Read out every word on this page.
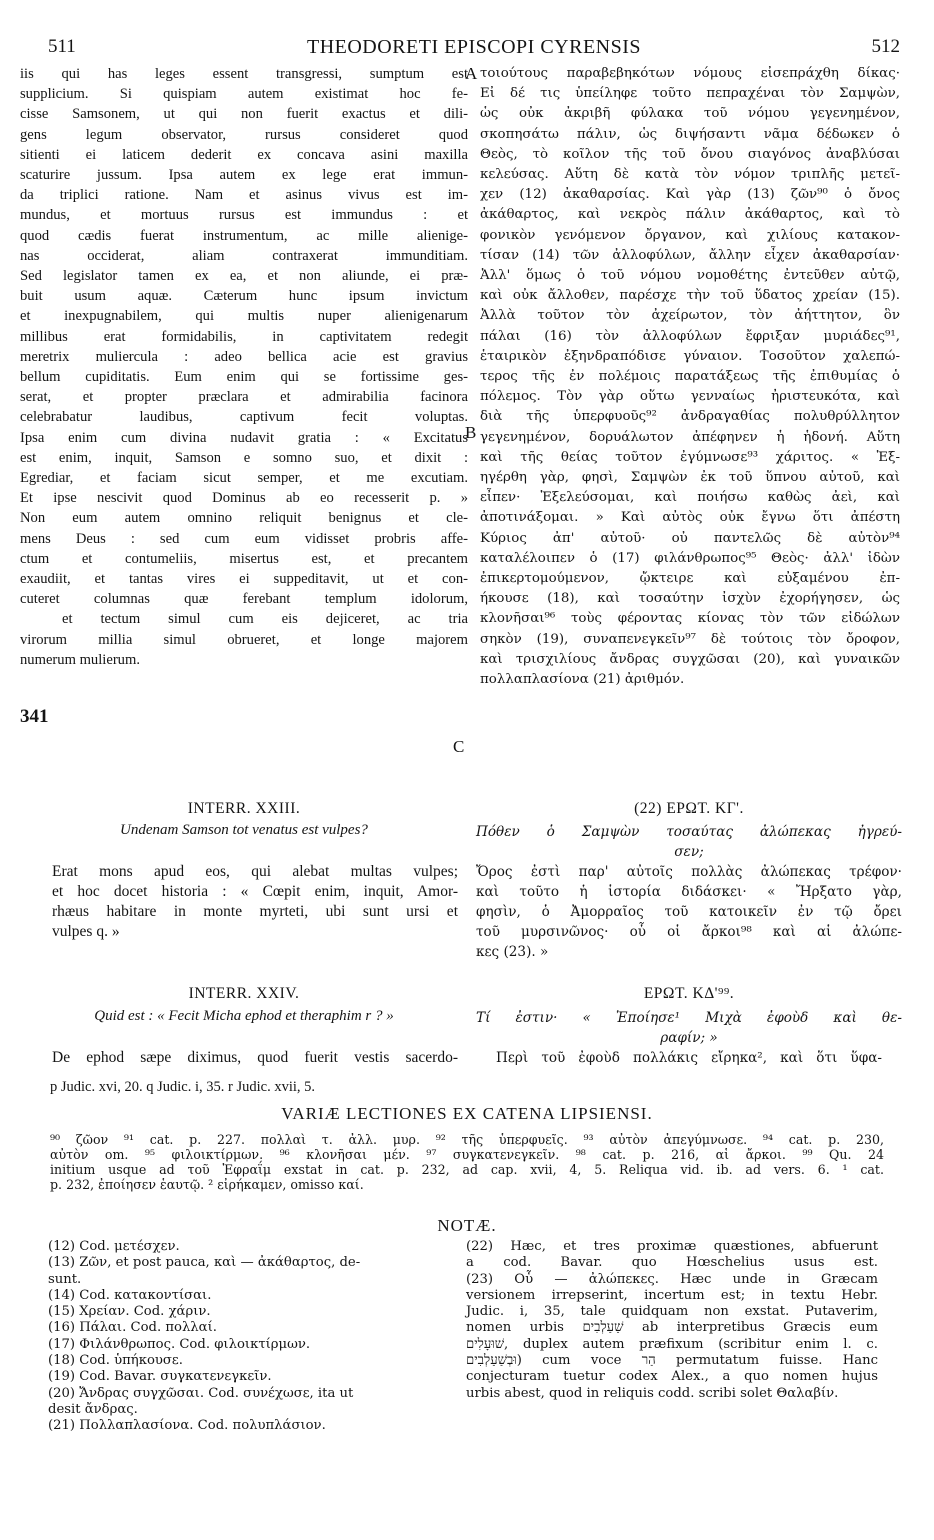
511	THEODORETI EPISCOPI CYRENSIS	512
iis qui has leges essent transgressi, sumptum est
supplicium. Si quispiam autem existimat hoc fe-
cisse Samsonem, ut qui non fuerit exactus et dili-
gens legum observator, rursus consideret quod
sitienti ei laticem dederit ex concava asini maxilla
scaturire jussum. Ipsa autem ex lege erat immun-
da triplici ratione. Nam et asinus vivus est im-
mundus, et mortuus rursus est immundus : et
quod cædis fuerat instrumentum, ac mille alienige-
nas occiderat, aliam contraxerat immunditiam.
Sed legislator tamen ex ea, et non aliunde, ei præ-
buit usum aquæ. Cæterum hunc ipsum invictum
et inexpugnabilem, qui multis nuper alienigenarum
millibus erat formidabilis, in captivitatem redegit
meretrix muliercula : adeo bellica acie est gravius
bellum cupiditatis. Eum enim qui se fortissime ges-
serat, et propter præclara et admirabilia facinora
celebrabatur laudibus, captivum fecit voluptas.
Ipsa enim cum divina nudavit gratia : « Excitatus
est enim, inquit, Samson e somno suo, et dixit :
Egrediar, et faciam sicut semper, et me excutiam.
Et ipse nescivit quod Dominus ab eo recesserit p. »
Non eum autem omnino reliquit benignus et cle-
mens Deus : sed cum eum vidisset probris affe-
ctum et contumeliis, misertus est, et precantem
exaudiit, et tantas vires ei suppeditavit, ut et con-
cuteret columnas quæ ferebant templum idolorum,
et tectum simul cum eis dejiceret, ac tria
virorum millia simul obrueret, et longe majorem
numerum mulierum.
τοιούτους παραβεβηκότων νόμους εἰσεπράχθη δίκας·
Εἰ δέ τις ὑπείληφε τοῦτο πεπραχέναι τὸν Σαμψὼν,
ὡς οὐκ ἀκριβῆ φύλακα τοῦ νόμου γεγενημένον,
σκοπησάτω πάλιν, ὡς διψήσαντι νᾶμα δέδωκεν ὁ
Θεὸς, τὸ κοῖλον τῆς τοῦ ὄνου σιαγόνος ἀναβλύσαι
κελεύσας. Αὕτη δὲ κατὰ τὸν νόμον τριπλῆς μετεῖ-
χεν (12) ἀκαθαρσίας. Καὶ γὰρ (13) ζῶν⁹⁰ ὁ ὄνος
ἀκάθαρτος, καὶ νεκρὸς πάλιν ἀκάθαρτος, καὶ τὸ
φονικὸν γενόμενον ὄργανον, καὶ χιλίους κατακον-
τίσαν (14) τῶν ἀλλοφύλων, ἄλλην εἶχεν ἀκαθαρσίαν·
Ἀλλ' ὅμως ὁ τοῦ νόμου νομοθέτης ἐντεῦθεν αὐτῷ,
καὶ οὐκ ἄλλοθεν, παρέσχε τὴν τοῦ ὕδατος χρείαν (15).
Ἀλλὰ τοῦτον τὸν ἀχείρωτον, τὸν ἀήττητον, ὃν
πάλαι (16) τὸν ἀλλοφύλων ἔφριξαν μυριάδες⁹¹,
ἑταιρικὸν ἐξηνδραπόδισε γύναιον. Τοσοῦτον χαλεπώ-
τερος τῆς ἐν πολέμοις παρατάξεως τῆς ἐπιθυμίας ὁ
πόλεμος. Τὸν γὰρ οὕτω γενναίως ἠριστευκότα, καὶ
διὰ τῆς ὑπερφυοῦς⁹² ἀνδραγαθίας πολυθρύλλητον
γεγενημένον, δορυάλωτον ἀπέφηνεν ἡ ἡδονή. Αὕτη
καὶ τῆς θείας τοῦτον ἐγύμνωσε⁹³ χάριτος. « Ἐξ-
ηγέρθη γὰρ, φησὶ, Σαμψὼν ἐκ τοῦ ὕπνου αὐτοῦ, καὶ
εἶπεν· Ἐξελεύσομαι, καὶ ποιήσω καθὼς ἀεὶ, καὶ
ἀποτινάξομαι. » Καὶ αὐτὸς οὐκ ἔγνω ὅτι ἀπέστη
Κύριος ἀπ' αὐτοῦ· οὐ παντελῶς δὲ αὐτὸν⁹⁴
καταλέλοιπεν ὁ (17) φιλάνθρωπος⁹⁵ Θεὸς· ἀλλ' ἰδὼν
ἐπικερτομούμενον, ᾤκτειρε καὶ εὐξαμένου ἐπ-
ήκουσε (18), καὶ τοσαύτην ἰσχὺν ἐχορήγησεν, ὡς
κλονῆσαι⁹⁶ τοὺς φέροντας κίονας τὸν τῶν εἰδώλων
σηκὸν (19), συναπενεγκεῖν⁹⁷ δὲ τούτοις τὸν ὄροφον,
καὶ τρισχιλίους ἄνδρας συγχῶσαι (20), καὶ γυναικῶν
πολλαπλασίονα (21) ἀριθμόν.
A
B
C
341
INTERR. XXIII.
Undenam Samson tot venatus est vulpes?
Erat mons apud eos, qui alebat multas vulpes;
et hoc docet historia : « Cœpit enim, inquit, Amor-
rhæus habitare in monte myrteti, ubi sunt ursi et
vulpes q. »
(22) ΕΡΩΤ. ΚΓ'.
Πόθεν ὁ Σαμψὼν τοσαύτας ἀλώπεκας ἠγρεύ-
σεν;
Ὄρος ἐστὶ παρ' αὐτοῖς πολλὰς ἀλώπεκας τρέφον·
καὶ τοῦτο ἡ ἱστορία διδάσκει· « Ἤρξατο γὰρ,
φησὶν, ὁ Ἀμορραῖος τοῦ κατοικεῖν ἐν τῷ ὄρει
τοῦ μυρσινῶνος· οὗ οἱ ἄρκοι⁹⁸ καὶ αἱ ἀλώπε-
κες (23). »
INTERR. XXIV.
Quid est : « Fecit Micha ephod et theraphim r ? »
De ephod sæpe diximus, quod fuerit vestis sacerdo-
ΕΡΩΤ. ΚΔ'⁹⁹.
Τί ἐστιν· « Ἐποίησε¹ Μιχὰ ἐφοὺδ καὶ θε-
ραφίν; »
Περὶ τοῦ ἐφοὺδ πολλάκις εἴρηκα², καὶ ὅτι ὕφα-
p Judic. xvi, 20. q Judic. i, 35. r Judic. xvii, 5.
VARIÆ LECTIONES EX CATENA LIPSIENSI.
⁹⁰ ζῶον ⁹¹ cat. p. 227. πολλαὶ τ. ἀλλ. μυρ. ⁹² τῆς ὑπερφυεῖς. ⁹³ αὐτὸν ἀπεγύμνωσε. ⁹⁴ cat. p. 230,
αὐτὸν om. ⁹⁵ φιλοικτίρμων. ⁹⁶ κλονῆσαι μέν. ⁹⁷ συγκατενεγκεῖν. ⁹⁸ cat. p. 216, αἱ ἄρκοι. ⁹⁹ Qu. 24
initium usque ad τοῦ Ἐφραΐμ exstat in cat. p. 232, ad cap. xvii, 4, 5. Reliqua vid. ib. ad vers. 6. ¹ cat.
p. 232, ἐποίησεν ἑαυτῷ. ² εἰρήκαμεν, omisso καί.
NOTÆ.
(12) Cod. μετέσχεν.
(13) Ζῶν, et post pauca, καὶ — ἀκάθαρτος, de-
sunt.
(14) Cod. κατακοντίσαι.
(15) Χρείαν. Cod. χάριν.
(16) Πάλαι. Cod. πολλαί.
(17) Φιλάνθρωπος. Cod. φιλοικτίρμων.
(18) Cod. ὑπήκουσε.
(19) Cod. Bavar. συγκατενεγκεῖν.
(20) Ἄνδρας συγχῶσαι. Cod. συνέχωσε, ita ut
desit ἄνδρας.
(21) Πολλαπλασίονα. Cod. πολυπλάσιον.
(22) Hæc, et tres proximæ quæstiones, abfuerunt
a cod. Bavar. quo Hœschelius usus est.
(23) Οὗ — ἀλώπεκες. Hæc unde in Græcam
versionem irrepserint, incertum est; in textu Hebr.
Judic. i, 35, tale quidquam non exstat. Putaverim,
nomen urbis שַׁעַלְבִים ab interpretibus Græcis eum
שׁוּעָלִים, duplex autem præfixum (scribitur enim l. c.
וּבְשַׁעַלְבִים) cum voce הַר permutatum fuisse. Hanc
conjecturam tuetur codex Alex., a quo nomen hujus
urbis abest, quod in reliquis codd. scribi solet Θαλαβίν.
